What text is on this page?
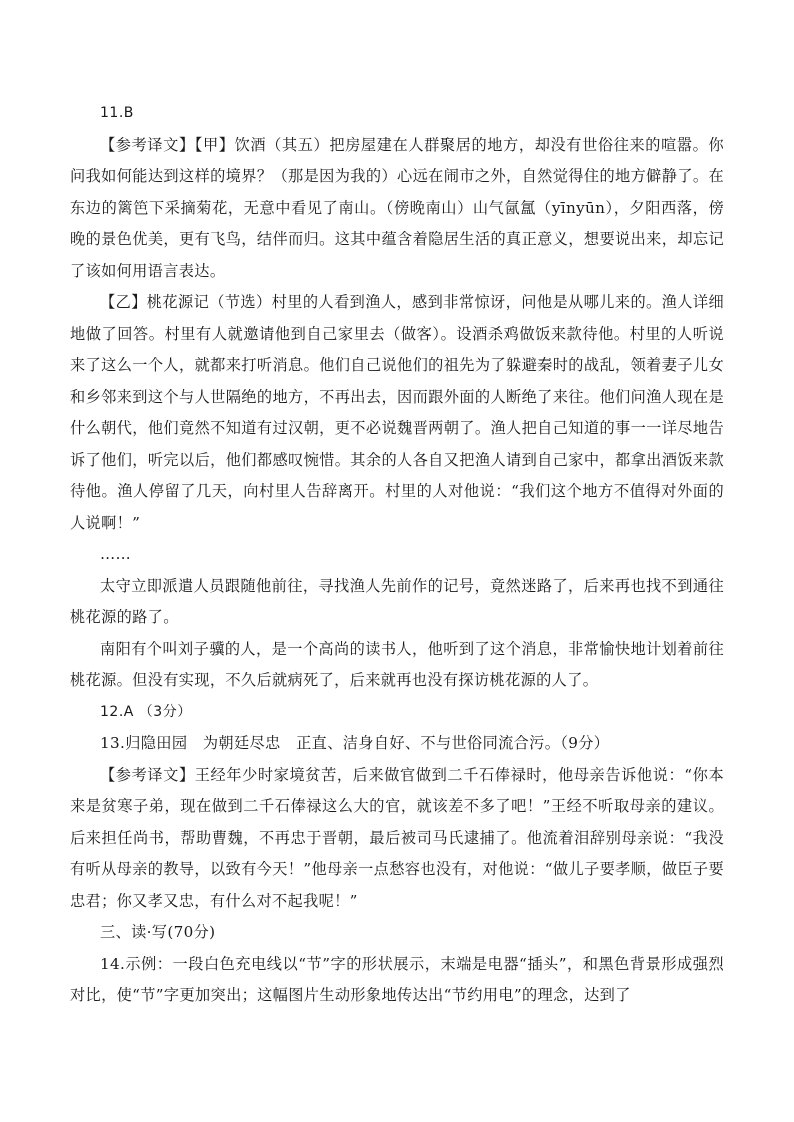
11.B

【参考译文】【甲】饮酒（其五）把房屋建在人群聚居的地方，却没有世俗往来的喧嚣。你问我如何能达到这样的境界？（那是因为我的）心远在闹市之外，自然觉得住的地方僻静了。在东边的篱笆下采摘菊花，无意中看见了南山。（傍晚南山）山气氤氲（yīnyūn），夕阳西落，傍晚的景色优美，更有飞鸟，结伴而归。这其中蕴含着隐居生活的真正意义，想要说出来，却忘记了该如何用语言表达。

【乙】桃花源记（节选）村里的人看到渔人，感到非常惊讶，问他是从哪儿来的。渔人详细地做了回答。村里有人就邀请他到自己家里去（做客）。设酒杀鸡做饭来款待他。村里的人听说来了这么一个人，就都来打听消息。他们自己说他们的祖先为了躲避秦时的战乱，领着妻子儿女和乡邻来到这个与人世隔绝的地方，不再出去，因而跟外面的人断绝了来往。他们问渔人现在是什么朝代，他们竟然不知道有过汉朝，更不必说魏晋两朝了。渔人把自己知道的事一一详尽地告诉了他们，听完以后，他们都感叹惋惜。其余的人各自又把渔人请到自己家中，都拿出酒饭来款待他。渔人停留了几天，向村里人告辞离开。村里的人对他说：“我们这个地方不值得对外面的人说啊！”

……

太守立即派遣人员跟随他前往，寻找渔人先前作的记号，竟然迷路了，后来再也找不到通往桃花源的路了。

南阳有个叫刘子骥的人，是一个高尚的读书人，他听到了这个消息，非常愉快地计划着前往桃花源。但没有实现，不久后就病死了，后来就再也没有探访桃花源的人了。

12.A （3分）

13.归隐田园　为朝廷尽忠　正直、洁身自好、不与世俗同流合污。（9分）

【参考译文】王经年少时家境贫苦，后来做官做到二千石俸禄时，他母亲告诉他说：“你本来是贫寒子弟，现在做到二千石俸禄这么大的官，就该差不多了吧！”王经不听取母亲的建议。后来担任尚书，帮助曹魏，不再忠于晋朝，最后被司马氏逮捕了。他流着泪辞别母亲说：“我没有听从母亲的教导，以致有今天！”他母亲一点愁容也没有，对他说：“做儿子要孝顺，做臣子要忠君；你又孝又忠，有什么对不起我呢！”

三、读·写(70分)

14.示例：一段白色充电线以“节”字的形状展示，末端是电器“插头”，和黑色背景形成强烈对比，使“节”字更加突出；这幅图片生动形象地传达出“节约用电”的理念，达到了
